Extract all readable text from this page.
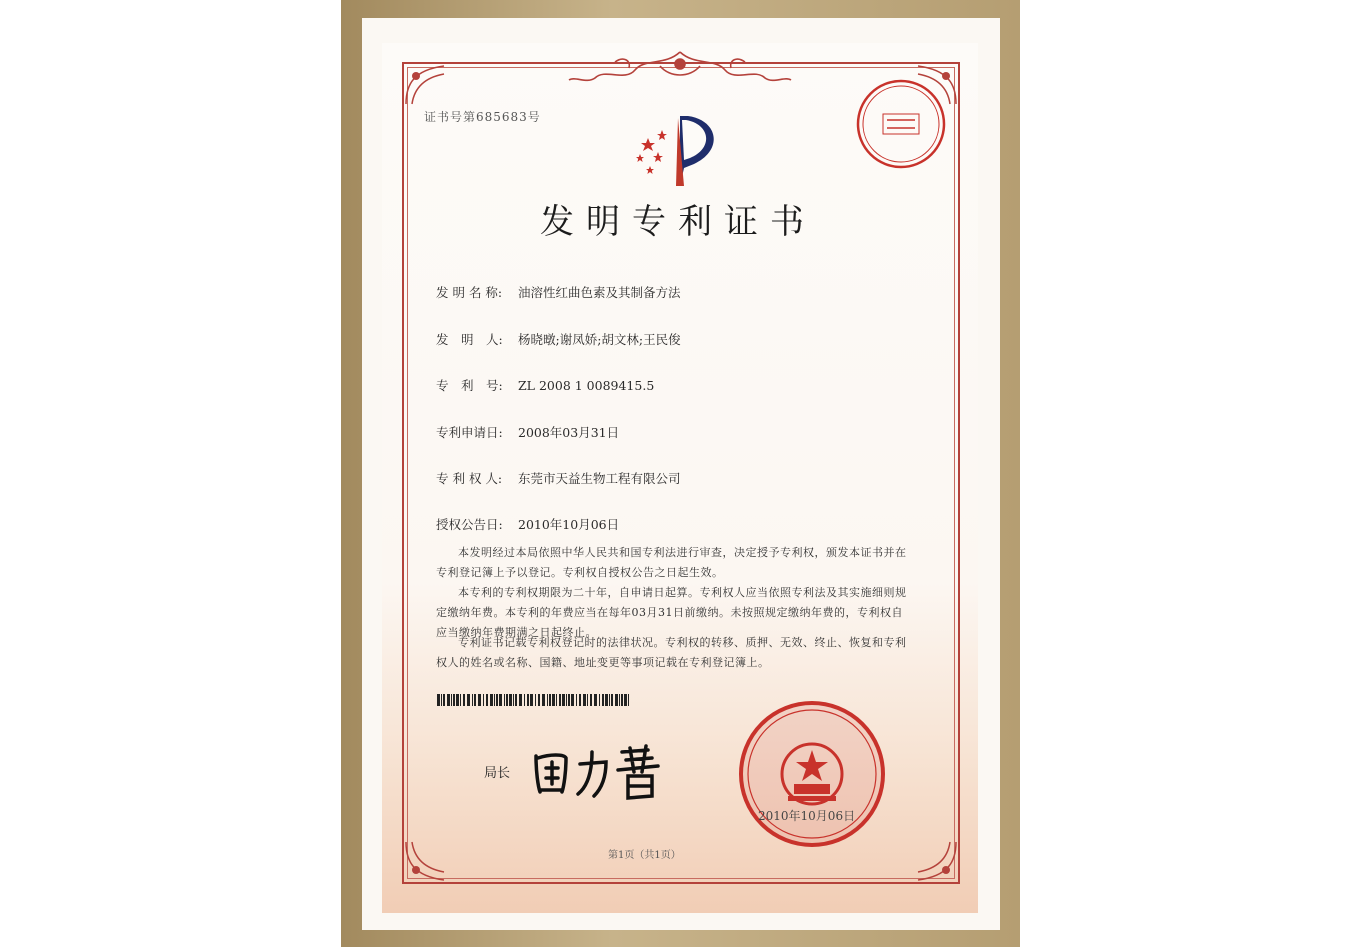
证书号第685683号
发明专利证书
发 明 名 称: 油溶性红曲色素及其制备方法
发　明　人: 杨晓暾;谢凤娇;胡文林;王民俊
专　利　号: ZL 2008 1 0089415.5
专利申请日: 2008年03月31日
专 利 权 人: 东莞市天益生物工程有限公司
授权公告日: 2010年10月06日
本发明经过本局依照中华人民共和国专利法进行审查，决定授予专利权，颁发本证书并在专利登记簿上予以登记。专利权自授权公告之日起生效。
本专利的专利权期限为二十年，自申请日起算。专利权人应当依照专利法及其实施细则规定缴纳年费。本专利的年费应当在每年03月31日前缴纳。未按照规定缴纳年费的，专利权自应当缴纳年费期满之日起终止。
专利证书记载专利权登记时的法律状况。专利权的转移、质押、无效、终止、恢复和专利权人的姓名或名称、国籍、地址变更等事项记载在专利登记簿上。
局长
2010年10月06日
第1页（共1页）
